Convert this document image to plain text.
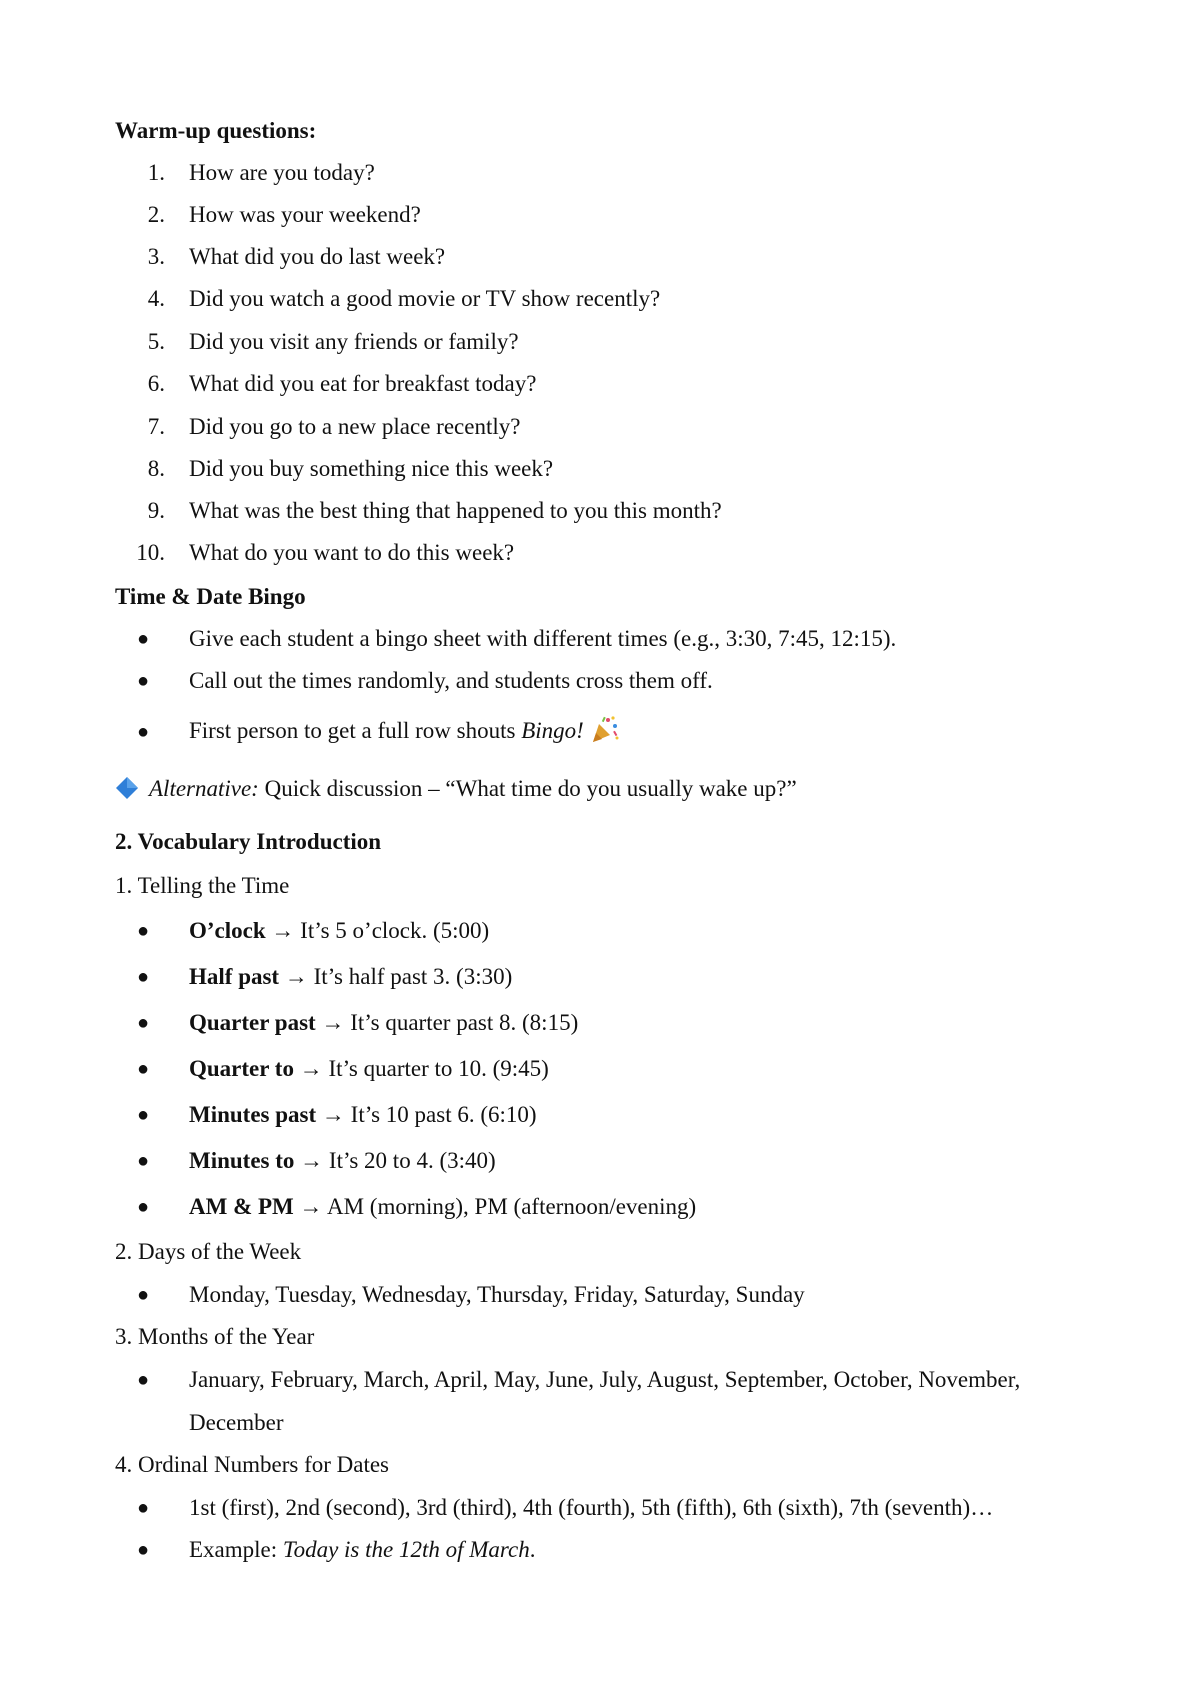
Warm-up questions:
1. How are you today?
2. How was your weekend?
3. What did you do last week?
4. Did you watch a good movie or TV show recently?
5. Did you visit any friends or family?
6. What did you eat for breakfast today?
7. Did you go to a new place recently?
8. Did you buy something nice this week?
9. What was the best thing that happened to you this month?
10. What do you want to do this week?
Time & Date Bingo
● Give each student a bingo sheet with different times (e.g., 3:30, 7:45, 12:15).
● Call out the times randomly, and students cross them off.
● First person to get a full row shouts Bingo!
Alternative: Quick discussion – “What time do you usually wake up?”
2. Vocabulary Introduction
1. Telling the Time
● O’clock → It’s 5 o’clock. (5:00)
● Half past → It’s half past 3. (3:30)
● Quarter past → It’s quarter past 8. (8:15)
● Quarter to → It’s quarter to 10. (9:45)
● Minutes past → It’s 10 past 6. (6:10)
● Minutes to → It’s 20 to 4. (3:40)
● AM & PM → AM (morning), PM (afternoon/evening)
2. Days of the Week
● Monday, Tuesday, Wednesday, Thursday, Friday, Saturday, Sunday
3. Months of the Year
● January, February, March, April, May, June, July, August, September, October, November,
December
4. Ordinal Numbers for Dates
● 1st (first), 2nd (second), 3rd (third), 4th (fourth), 5th (fifth), 6th (sixth), 7th (seventh)…
● Example: Today is the 12th of March.
